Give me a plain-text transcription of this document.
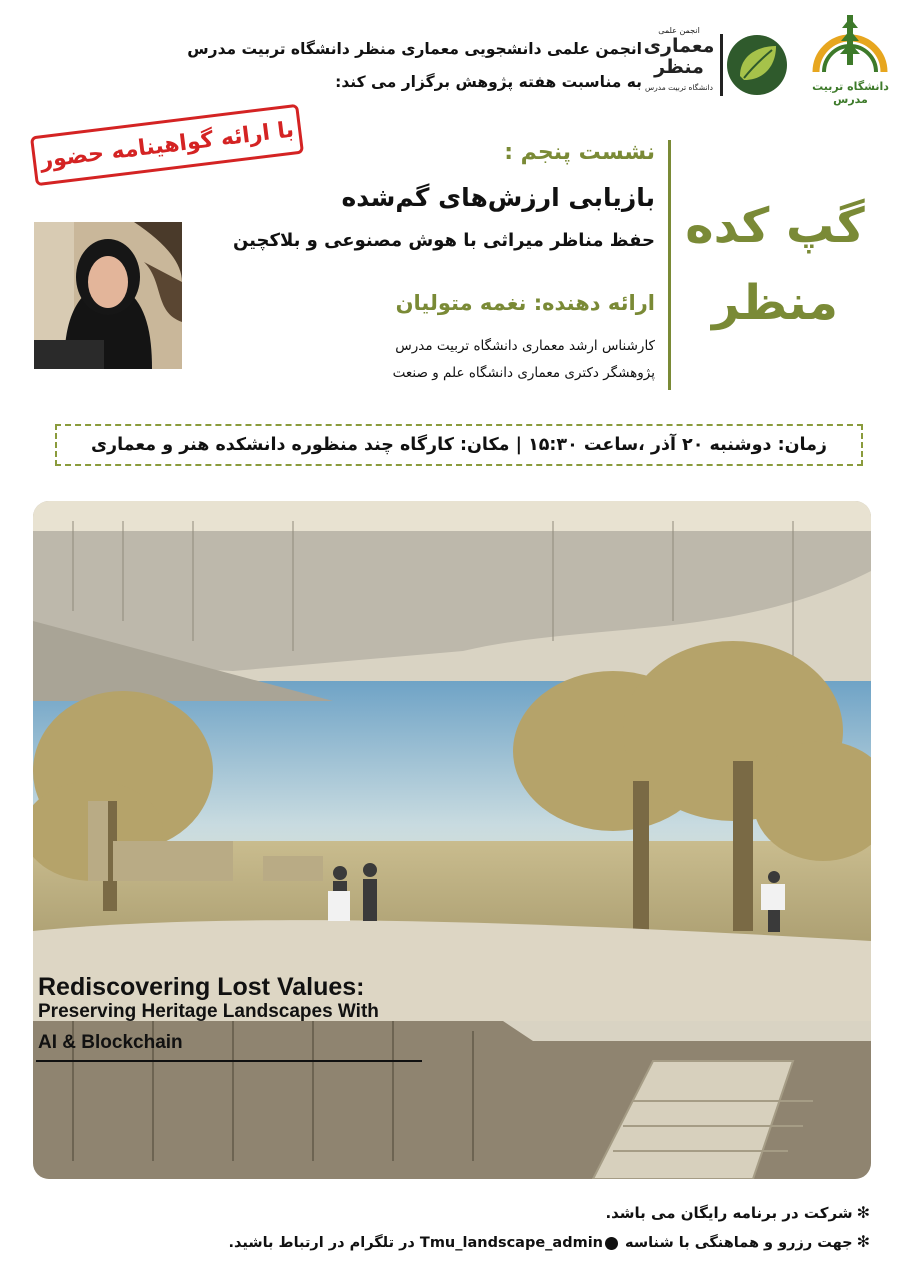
انجمن علمی دانشجویی معماری منظر دانشگاه تربیت مدرس
به مناسبت هفته پژوهش برگزار می کند:	دانشگاه تربیت مدرس
انجمن علمی
معماری
منظر
دانشگاه تربیت مدرس
با ارائه گواهینامه حضور
گپ کده
منظر
نشست پنجم :
بازیابی ارزش‌های گم‌شده
حفظ مناظر میراثی با هوش مصنوعی و بلاکچین
ارائه دهنده: نغمه متولیان
کارشناس ارشد معماری دانشگاه تربیت مدرس
پژوهشگر دکتری معماری دانشگاه علم و صنعت
زمان: دوشنبه ۲۰ آذر ،ساعت ۱۵:۳۰ | مکان: کارگاه چند منظوره دانشکده هنر و معماری
Rediscovering Lost Values:
Preserving Heritage Landscapes With
AI & Blockchain
✻شرکت در برنامه رایگان می باشد.
✻جهت رزرو و هماهنگی با شناسه Tmu_landscape_admin در تلگرام در ارتباط باشید.
